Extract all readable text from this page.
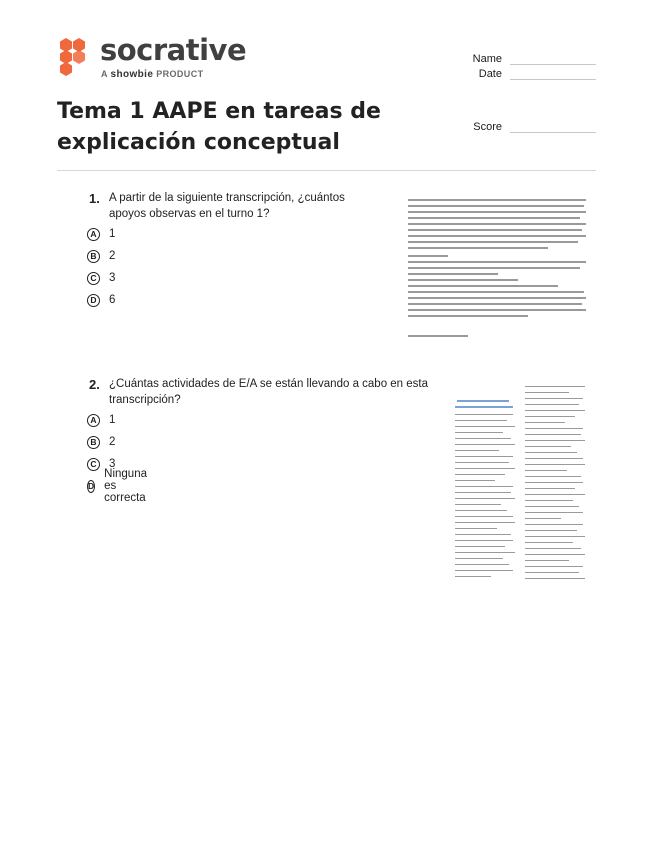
socrative
A showbie PRODUCT
Name
Date
Score
Tema 1 AAPE en tareas de explicación conceptual
1. A partir de la siguiente transcripción, ¿cuántos apoyos observas en el turno 1?
A 1
B 2
C 3
D 6
2. ¿Cuántas actividades de E/A se están llevando a cabo en esta transcripción?
A 1
B 2
C 3
D
Ninguna es correcta
